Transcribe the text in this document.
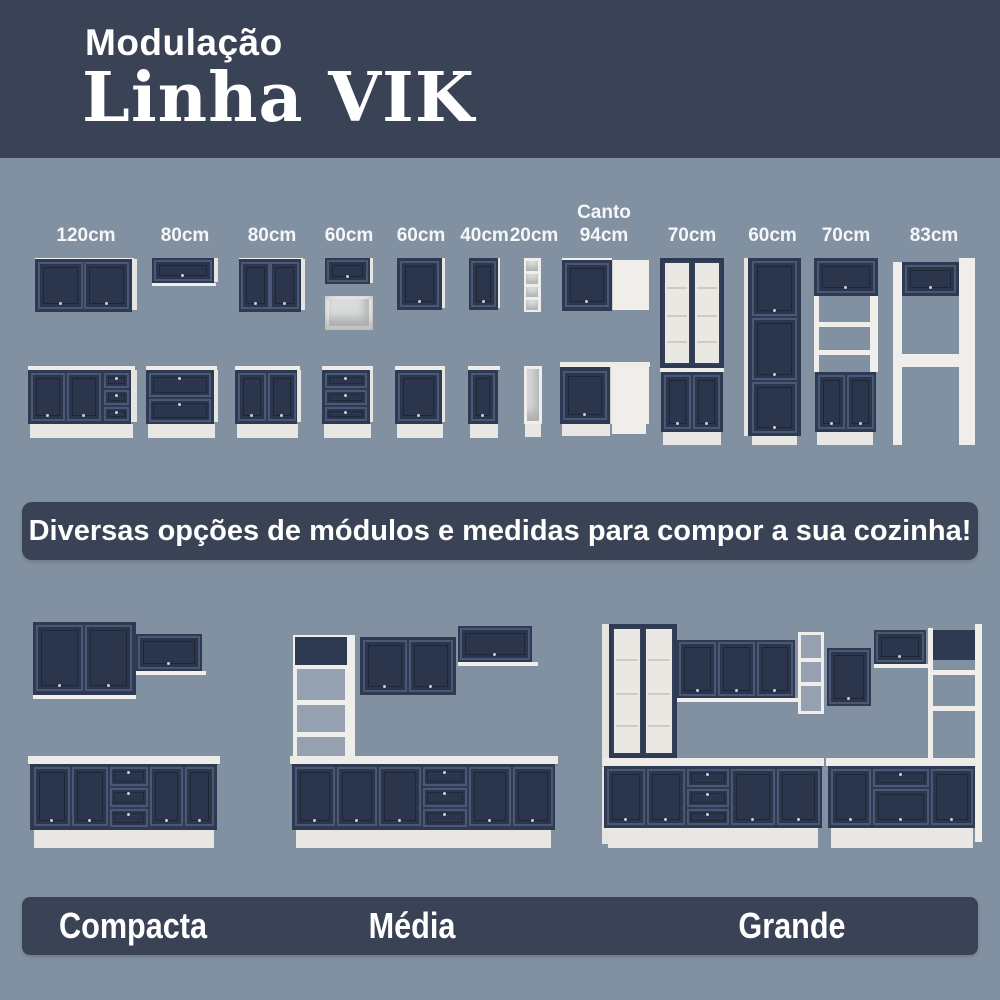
Modulação
Linha VIK
120cm 80cm 80cm 60cm 60cm 40cm 20cm
Canto
94cm 70cm 60cm 70cm 83cm
Diversas opções de módulos e medidas para compor a sua cozinha!
Compacta	Média	Grande
